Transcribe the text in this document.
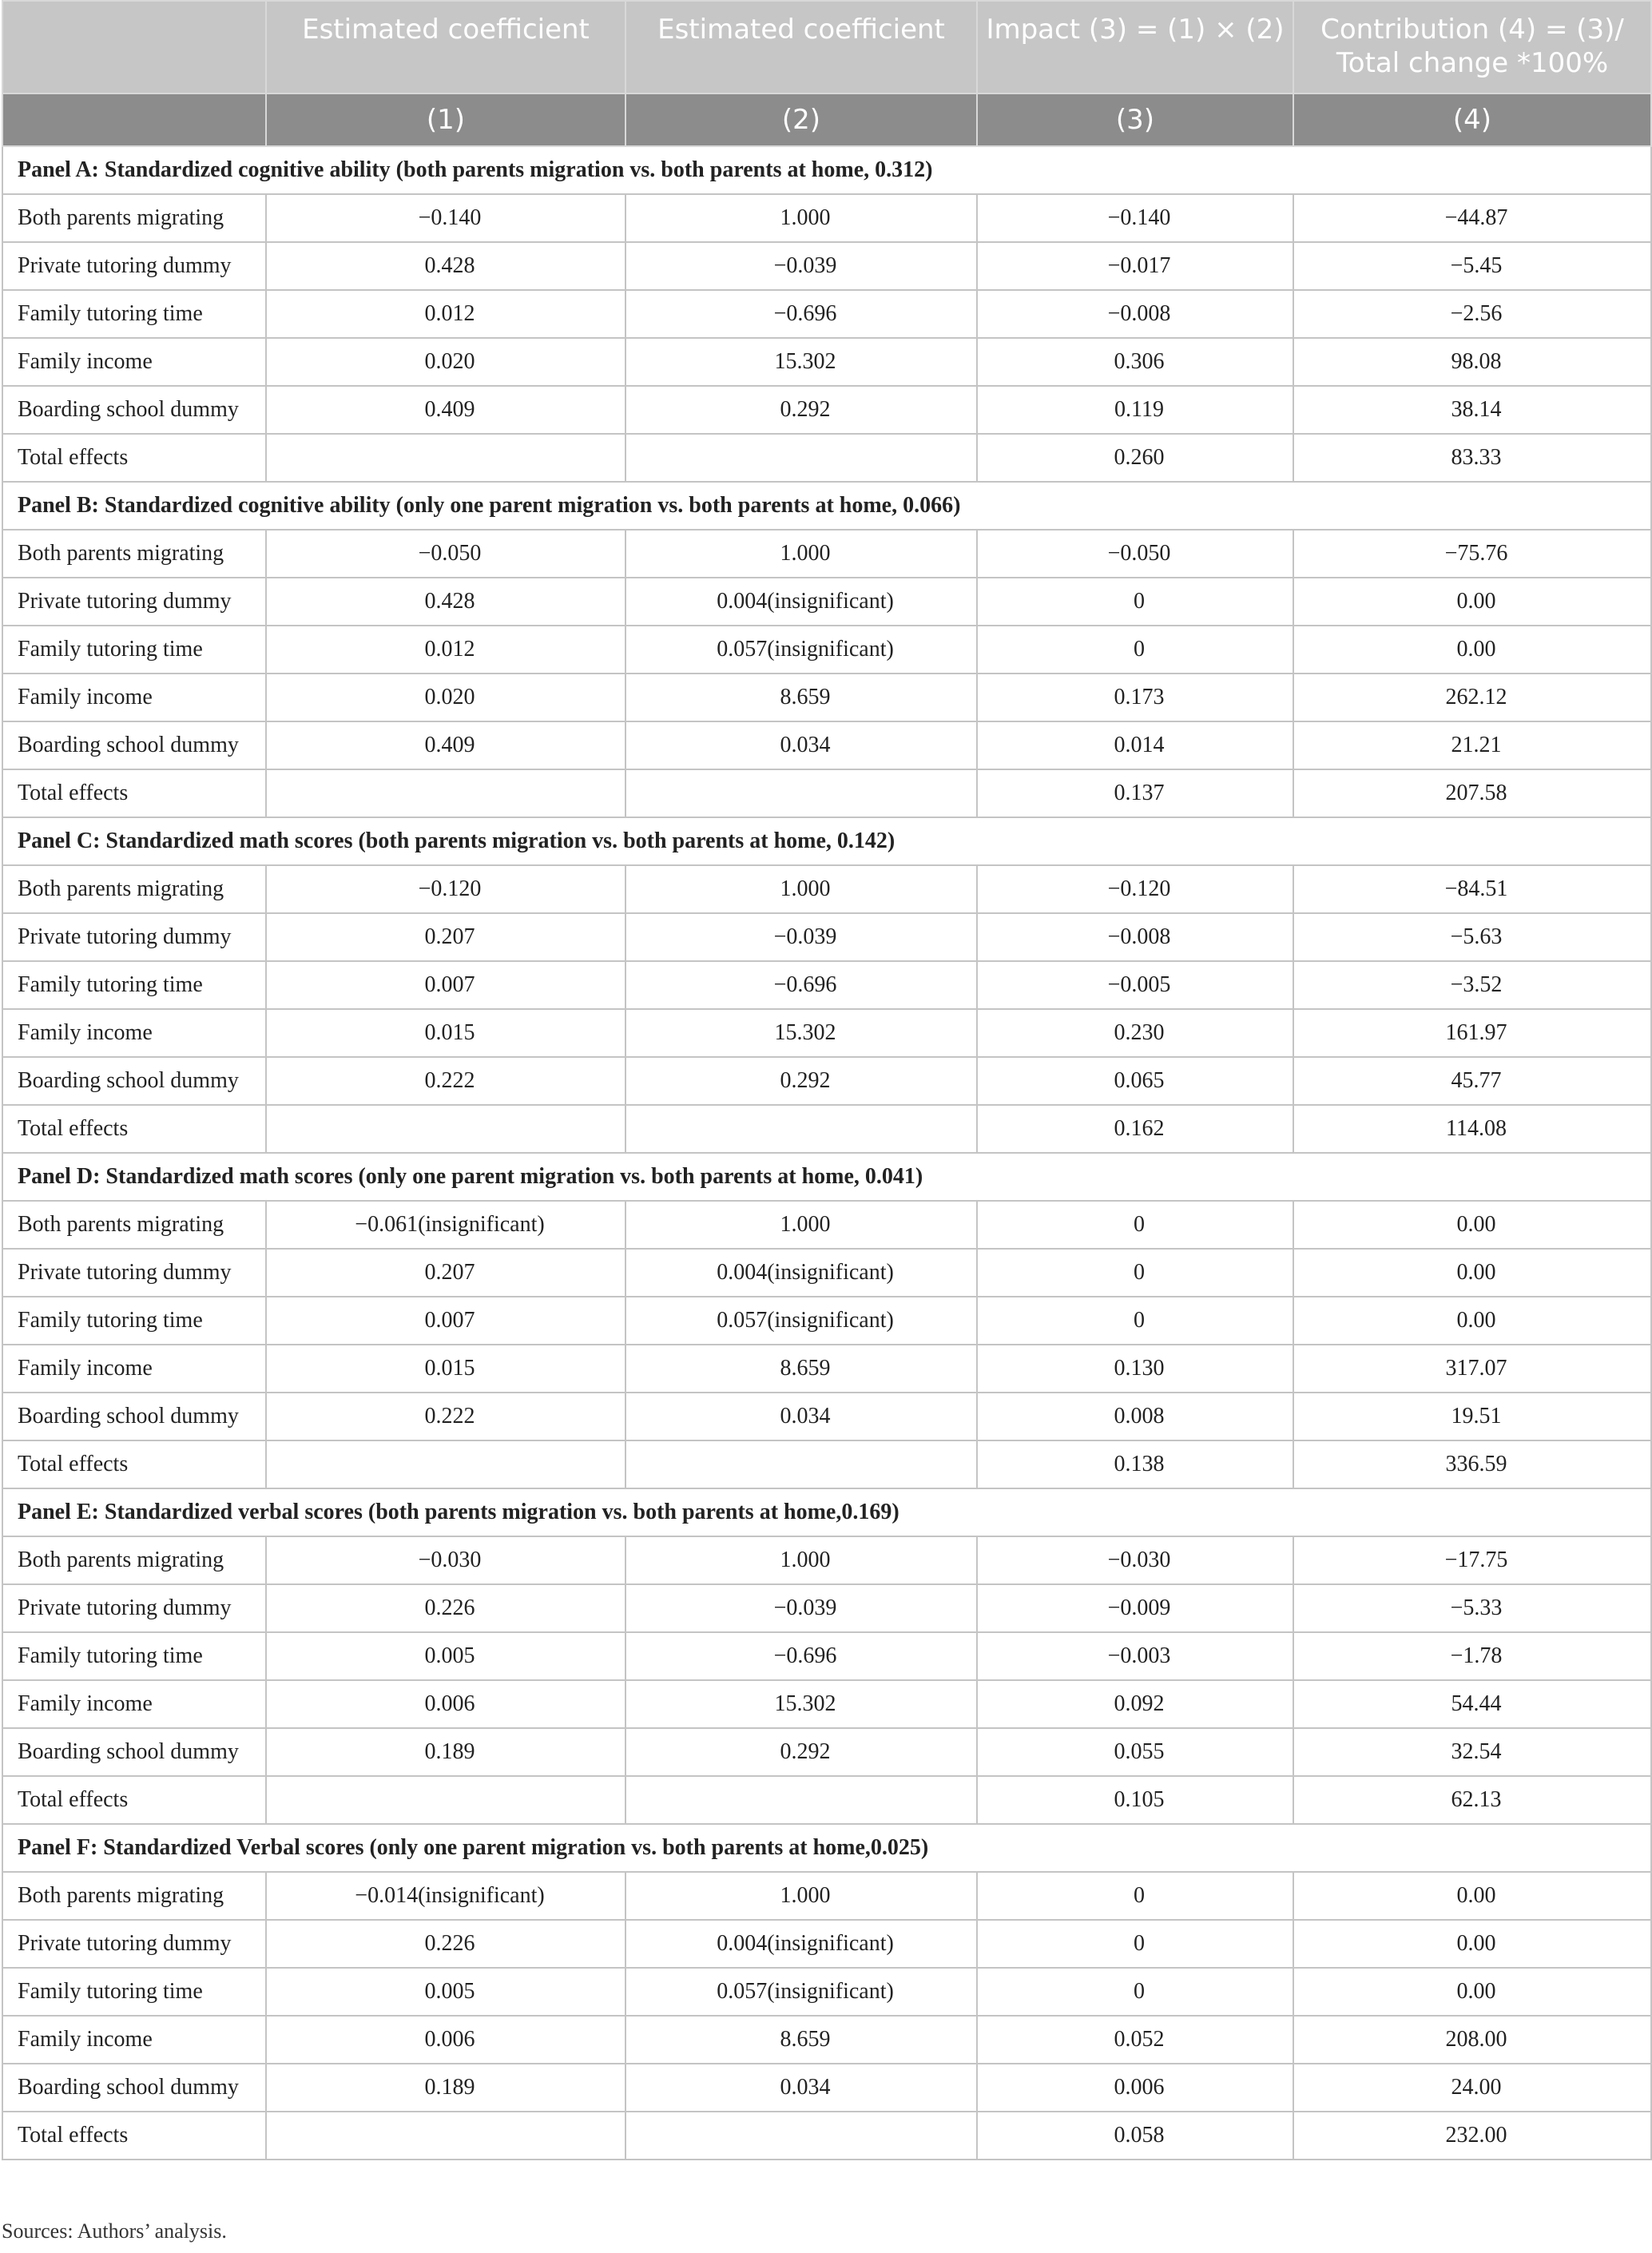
	Estimated coefficient	Estimated coefficient	Impact (3) = (1) × (2)	Contribution (4) = (3)/ Total change *100%
	(1)	(2)	(3)	(4)
Panel A: Standardized cognitive ability (both parents migration vs. both parents at home, 0.312)				
Both parents migrating	−0.140	1.000	−0.140	−44.87
Private tutoring dummy	0.428	−0.039	−0.017	−5.45
Family tutoring time	0.012	−0.696	−0.008	−2.56
Family income	0.020	15.302	0.306	98.08
Boarding school dummy	0.409	0.292	0.119	38.14
Total effects			0.260	83.33
Panel B: Standardized cognitive ability (only one parent migration vs. both parents at home, 0.066)				
Both parents migrating	−0.050	1.000	−0.050	−75.76
Private tutoring dummy	0.428	0.004(insignificant)	0	0.00
Family tutoring time	0.012	0.057(insignificant)	0	0.00
Family income	0.020	8.659	0.173	262.12
Boarding school dummy	0.409	0.034	0.014	21.21
Total effects			0.137	207.58
Panel C: Standardized math scores (both parents migration vs. both parents at home, 0.142)				
Both parents migrating	−0.120	1.000	−0.120	−84.51
Private tutoring dummy	0.207	−0.039	−0.008	−5.63
Family tutoring time	0.007	−0.696	−0.005	−3.52
Family income	0.015	15.302	0.230	161.97
Boarding school dummy	0.222	0.292	0.065	45.77
Total effects			0.162	114.08
Panel D: Standardized math scores (only one parent migration vs. both parents at home, 0.041)				
Both parents migrating	−0.061(insignificant)	1.000	0	0.00
Private tutoring dummy	0.207	0.004(insignificant)	0	0.00
Family tutoring time	0.007	0.057(insignificant)	0	0.00
Family income	0.015	8.659	0.130	317.07
Boarding school dummy	0.222	0.034	0.008	19.51
Total effects			0.138	336.59
Panel E: Standardized verbal scores (both parents migration vs. both parents at home,0.169)				
Both parents migrating	−0.030	1.000	−0.030	−17.75
Private tutoring dummy	0.226	−0.039	−0.009	−5.33
Family tutoring time	0.005	−0.696	−0.003	−1.78
Family income	0.006	15.302	0.092	54.44
Boarding school dummy	0.189	0.292	0.055	32.54
Total effects			0.105	62.13
Panel F: Standardized Verbal scores (only one parent migration vs. both parents at home,0.025)				
Both parents migrating	−0.014(insignificant)	1.000	0	0.00
Private tutoring dummy	0.226	0.004(insignificant)	0	0.00
Family tutoring time	0.005	0.057(insignificant)	0	0.00
Family income	0.006	8.659	0.052	208.00
Boarding school dummy	0.189	0.034	0.006	24.00
Total effects			0.058	232.00
Sources: Authors’ analysis.
